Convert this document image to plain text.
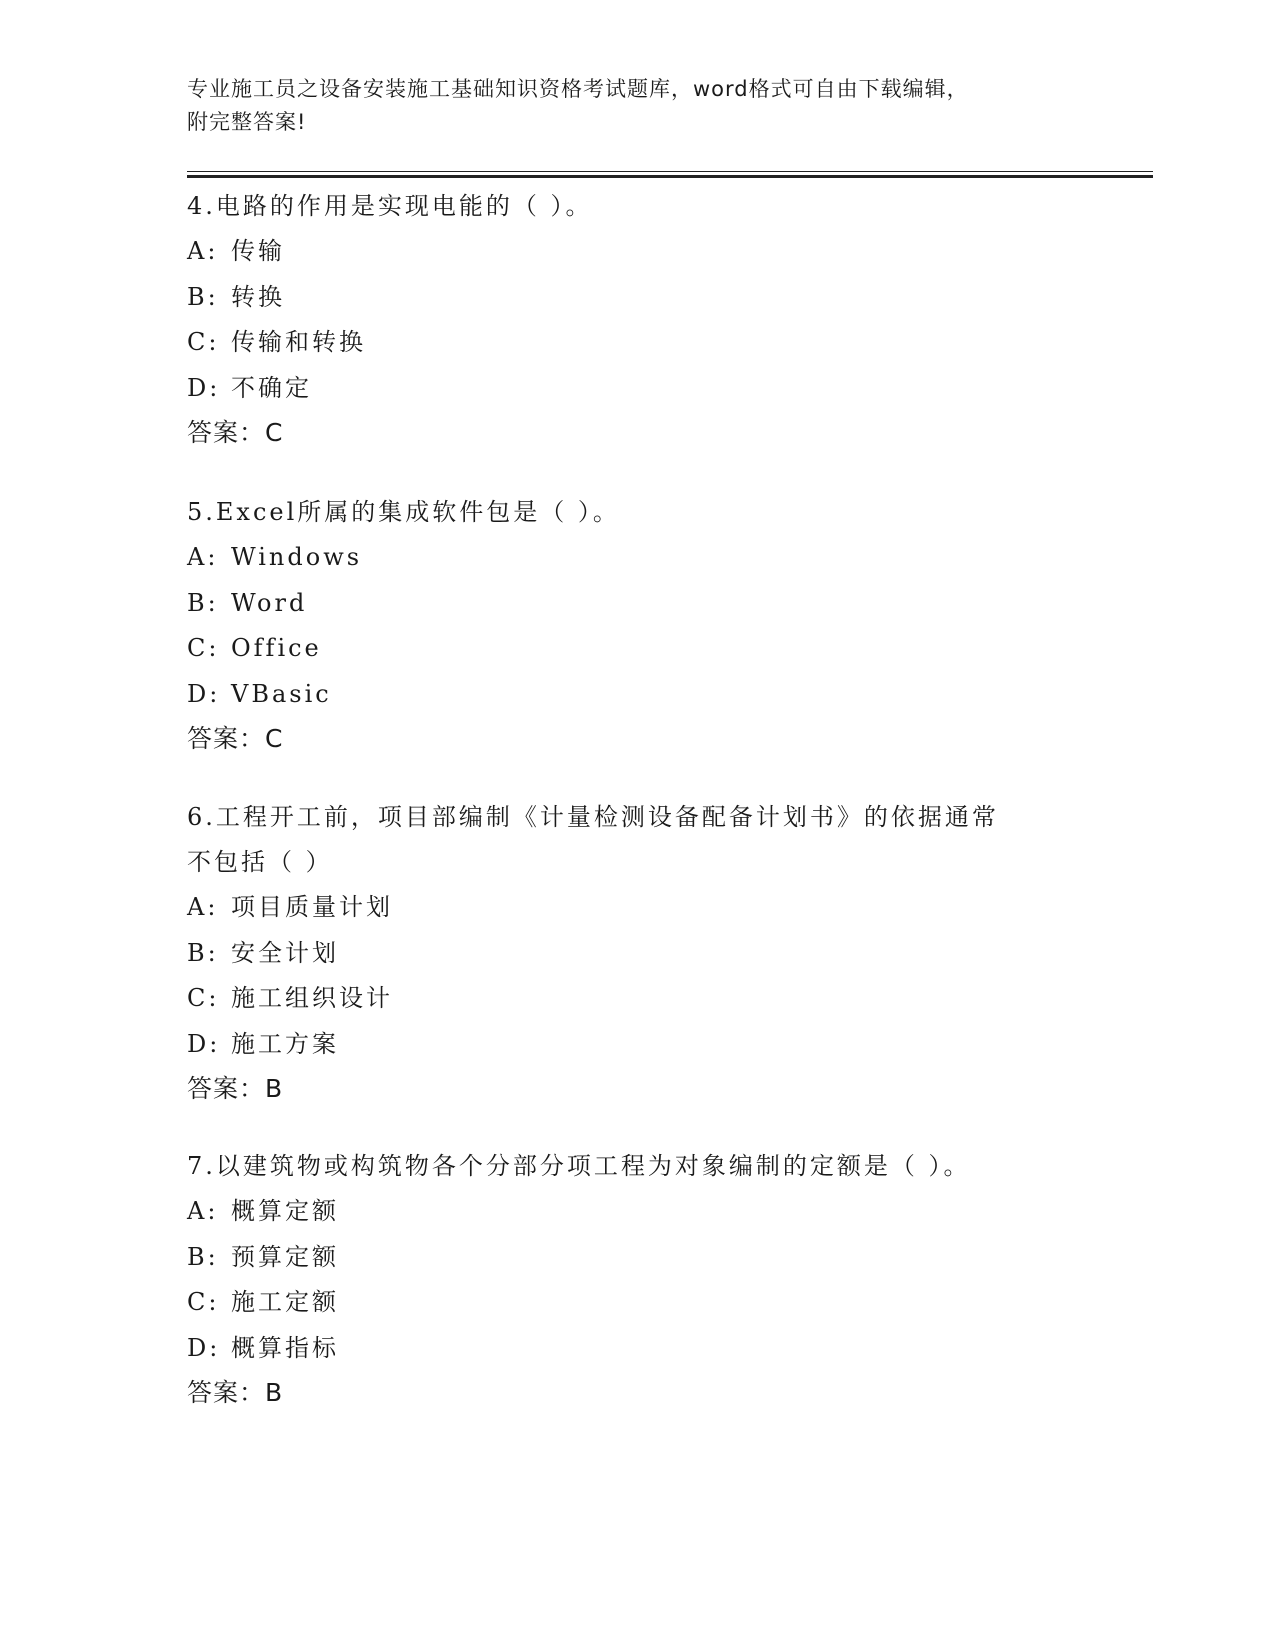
专业施工员之设备安装施工基础知识资格考试题库，word格式可自由下载编辑，
附完整答案!

4.电路的作用是实现电能的（ ）。

A: 传输

B: 转换

C: 传输和转换

D: 不确定

答案：C

5.Excel所属的集成软件包是（ ）。

A: Windows

B: Word

C: Office

D: VBasic

答案：C

6.工程开工前，项目部编制《计量检测设备配备计划书》的依据通常

不包括（ ）

A: 项目质量计划

B: 安全计划

C: 施工组织设计

D: 施工方案

答案：B

7.以建筑物或构筑物各个分部分项工程为对象编制的定额是（ ）。

A: 概算定额

B: 预算定额

C: 施工定额

D: 概算指标

答案：B
